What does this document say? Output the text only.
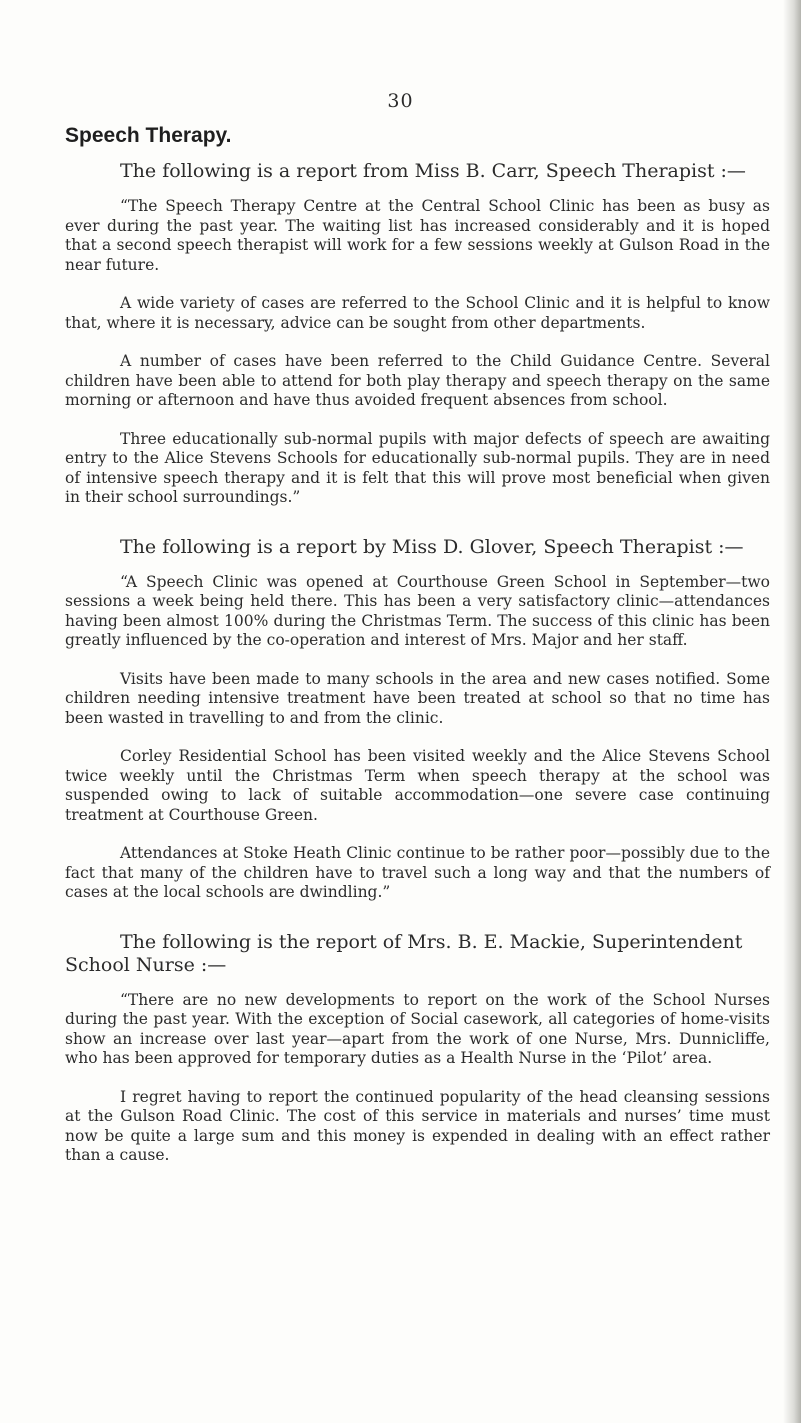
30
Speech Therapy.

The following is a report from Miss B. Carr, Speech Therapist :—

“The Speech Therapy Centre at the Central School Clinic has been as busy as ever during the past year. The waiting list has increased considerably and it is hoped that a second speech therapist will work for a few sessions weekly at Gulson Road in the near future.

A wide variety of cases are referred to the School Clinic and it is helpful to know that, where it is necessary, advice can be sought from other departments.

A number of cases have been referred to the Child Guidance Centre. Several children have been able to attend for both play therapy and speech therapy on the same morning or afternoon and have thus avoided frequent absences from school.

Three educationally sub-normal pupils with major defects of speech are awaiting entry to the Alice Stevens Schools for educationally sub-normal pupils. They are in need of intensive speech therapy and it is felt that this will prove most beneficial when given in their school surroundings.”

The following is a report by Miss D. Glover, Speech Therapist :—

“A Speech Clinic was opened at Courthouse Green School in September—two sessions a week being held there. This has been a very satisfactory clinic—attendances having been almost 100% during the Christmas Term. The success of this clinic has been greatly influenced by the co-operation and interest of Mrs. Major and her staff.

Visits have been made to many schools in the area and new cases notified. Some children needing intensive treatment have been treated at school so that no time has been wasted in travelling to and from the clinic.

Corley Residential School has been visited weekly and the Alice Stevens School twice weekly until the Christmas Term when speech therapy at the school was suspended owing to lack of suitable accommodation—one severe case continuing treatment at Courthouse Green.

Attendances at Stoke Heath Clinic continue to be rather poor—possibly due to the fact that many of the children have to travel such a long way and that the numbers of cases at the local schools are dwindling.”

The following is the report of Mrs. B. E. Mackie, Superintendent School Nurse :—

“There are no new developments to report on the work of the School Nurses during the past year. With the exception of Social casework, all categories of home-visits show an increase over last year—apart from the work of one Nurse, Mrs. Dunnicliffe, who has been approved for temporary duties as a Health Nurse in the ‘Pilot’ area.

I regret having to report the continued popularity of the head cleansing sessions at the Gulson Road Clinic. The cost of this service in materials and nurses’ time must now be quite a large sum and this money is expended in dealing with an effect rather than a cause.
